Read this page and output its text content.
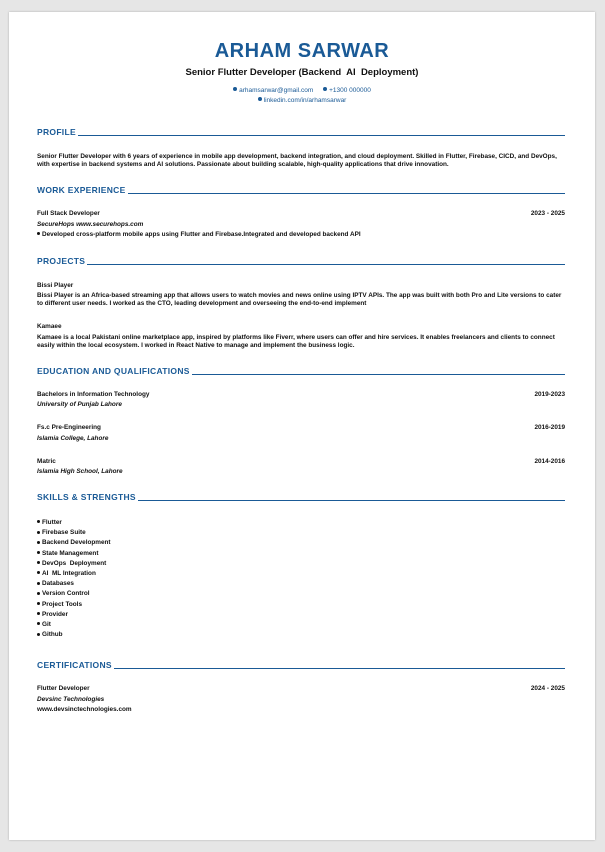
ARHAM SARWAR
Senior Flutter Developer (Backend  AI  Deployment)
arhamsarwar@gmail.com +1300 000000
linkedin.com/in/arhamsarwar
PROFILE
Senior Flutter Developer with 6 years of experience in mobile app development, backend integration, and cloud deployment. Skilled in Flutter, Firebase, CICD, and DevOps, with expertise in backend systems and AI solutions. Passionate about building scalable, high-quality applications that drive innovation.
WORK EXPERIENCE
Full Stack Developer	2023 - 2025
SecureHops www.securehops.com
Developed cross-platform mobile apps using Flutter and Firebase.Integrated and developed backend API
PROJECTS
Bissi Player
Bissi Player is an Africa-based streaming app that allows users to watch movies and news online using IPTV APIs. The app was built with both Pro and Lite versions to cater to different user needs. I worked as the CTO, leading development and overseeing the end-to-end implement
Kamaee
Kamaee is a local Pakistani online marketplace app, inspired by platforms like Fiverr, where users can offer and hire services. It enables freelancers and clients to connect easily within the local ecosystem. I worked in React Native to manage and implement the business logic.
EDUCATION AND QUALIFICATIONS
Bachelors in Information Technology	2019-2023
University of Punjab Lahore
Fs.c Pre-Engineering	2016-2019
Islamia College, Lahore
Matric	2014-2016
Islamia High School, Lahore
SKILLS & STRENGTHS
Flutter
Firebase Suite
Backend Development
State Management
DevOps  Deployment
AI  ML Integration
Databases
Version Control
Project Tools
Provider
Git
Github
CERTIFICATIONS
Flutter Developer	2024 - 2025
Devsinc Technologies
www.devsinctechnologies.com
